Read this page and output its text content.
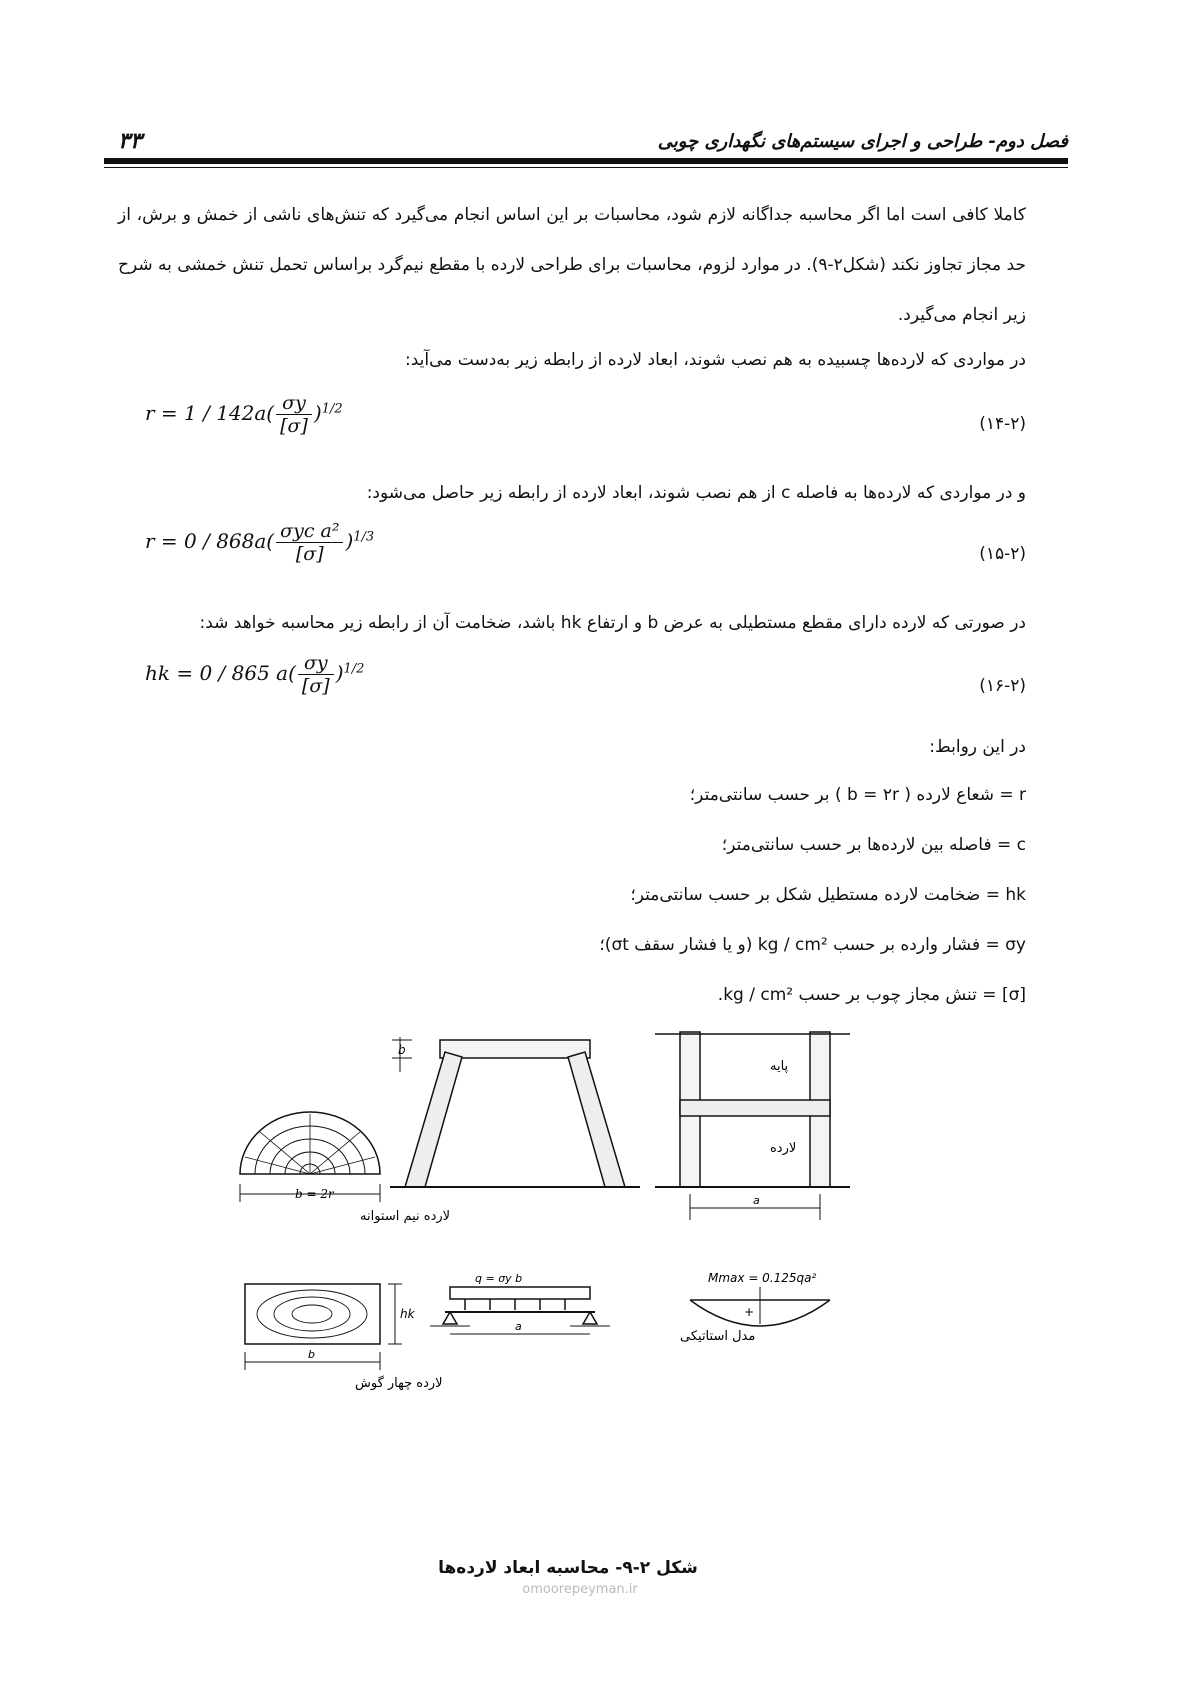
فصل دوم- طراحی و اجرای سیستم‌های نگهداری چوبی
۳۳
کاملا کافی است اما اگر محاسبه جداگانه لازم شود، محاسبات بر این اساس انجام می‌گیرد که تنش‌های ناشی از خمش و برش، از حد مجاز تجاوز نکند (شکل۲-۹). در موارد لزوم، محاسبات برای طراحی لارده با مقطع نیم‌گرد براساس تحمل تنش خمشی به شرح زیر انجام می‌گیرد.
در مواردی که لارده‌ها چسبیده به هم نصب شوند، ابعاد لارده از رابطه زیر به‌دست می‌آید:
$r = 1 / 142a( \frac{\sigma y}{[\sigma]} )^{1/2}$
(۱۴-۲)
و در مواردی که لارده‌ها به فاصله c از هم نصب شوند، ابعاد لارده از رابطه زیر حاصل می‌شود:
$r = 0 / 868a( \frac{\text{σyc a²}}{[\sigma]} )^{1/3}$
(۱۵-۲)
در صورتی که لارده دارای مقطع مستطیلی به عرض b و ارتفاع hk باشد، ضخامت آن از رابطه زیر محاسبه خواهد شد:
hk = 0 / 865 $a( \frac{\sigma y}{[\sigma]} )^{1/2}$
(۱۶-۲)
در این روابط:
r = شعاع لارده ( b = ۲r ) بر حسب سانتی‌متر؛
c = فاصله بین لارده‌ها بر حسب سانتی‌متر؛
hk = ضخامت لارده مستطیل شکل بر حسب سانتی‌متر؛
σy = فشار وارده بر حسب kg / cm² (و یا فشار سقف σt)؛
[σ] = تنش مجاز چوب بر حسب kg / cm².
b = 2r
لارده نیم استوانه
b
پایه
لارده
a
hk
b
لارده چهار گوش
q = σy b
a
مدل استاتیکی
Mmax = 0.125qa²
+
شکل ۲-۹- محاسبه ابعاد لارده‌ها
omoorepeyman.ir
